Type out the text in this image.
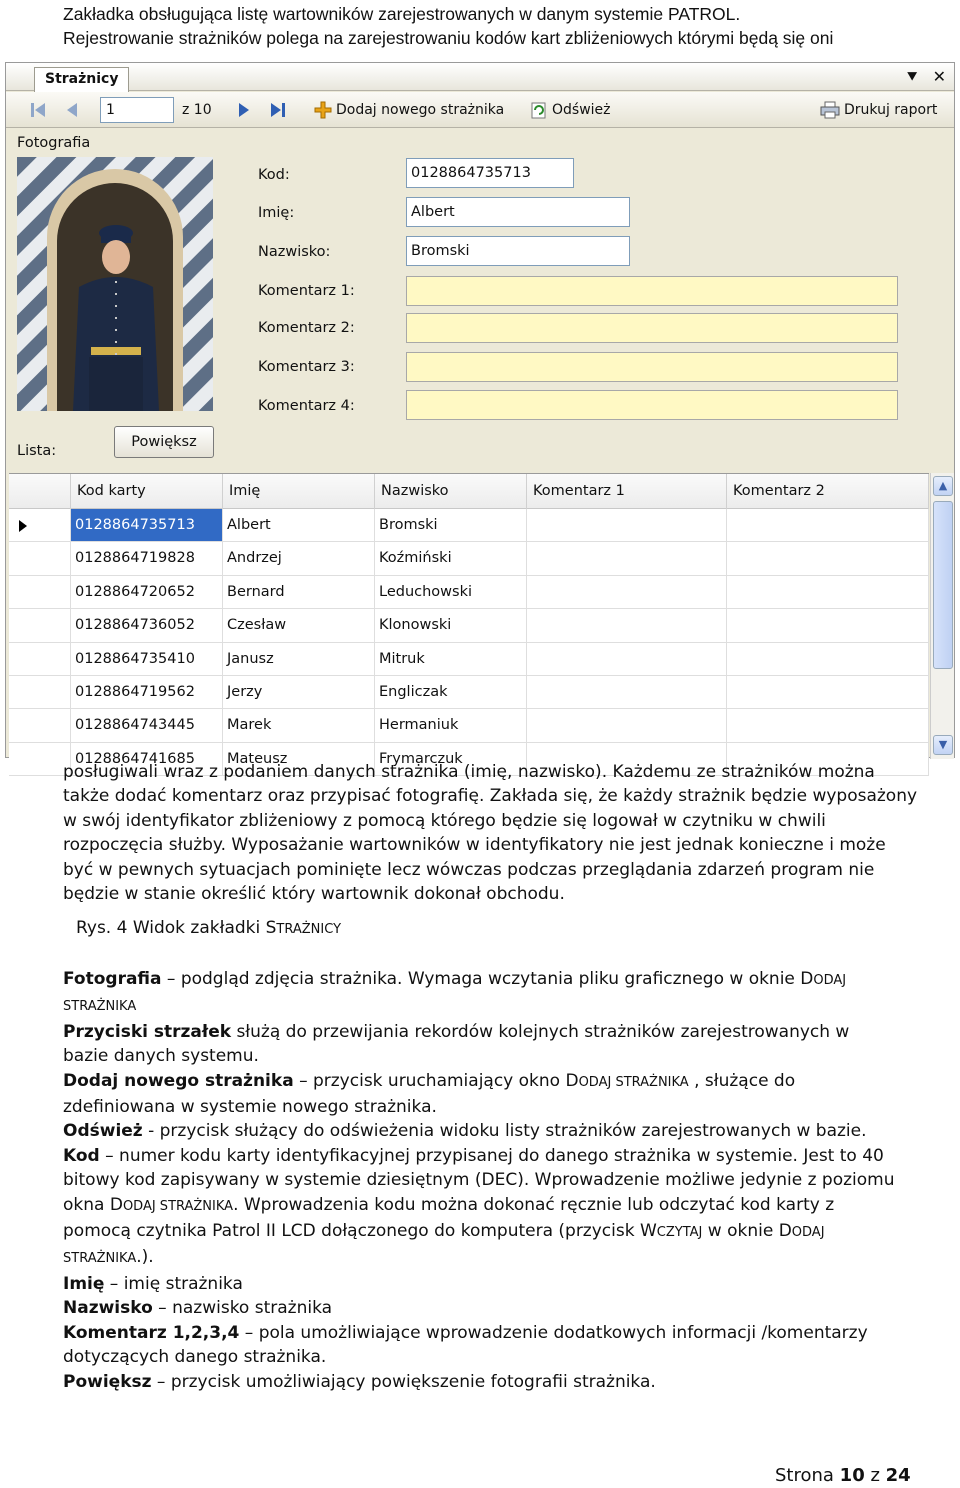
Zakładka obsługująca listę wartowników zarejestrowanych w danym systemie PATROL.
Rejestrowanie strażników polega na zarejestrowaniu kodów kart zbliżeniowych którymi będą się oni
Strażnicy	⯆ ✕
1	z 10	Dodaj nowego strażnika	Odśwież	Drukuj raport
Fotografia
Kod:	0128864735713
Imię:	Albert
Nazwisko:	Bromski
Komentarz 1:
Komentarz 2:
Komentarz 3:
Komentarz 4:
Lista:
Powiększ
Kod karty	Imię	Nazwisko	Komentarz 1	Komentarz 2
0128864735713	Albert	Bromski
0128864719828	Andrzej	Koźmiński
0128864720652	Bernard	Leduchowski
0128864736052	Czesław	Klonowski
0128864735410	Janusz	Mitruk
0128864719562	Jerzy	Engliczak
0128864743445	Marek	Hermaniuk
0128864741685	Mateusz	Frymarczuk
▲
▼
posługiwali wraz z podaniem danych strażnika (imię, nazwisko). Każdemu ze strażników można
także dodać komentarz oraz przypisać fotografię. Zakłada się, że każdy strażnik będzie wyposażony
w swój identyfikator zbliżeniowy z pomocą którego będzie się logował w czytniku w chwili
rozpoczęcia służby. Wyposażanie wartowników w identyfikatory nie jest jednak konieczne i może
być w pewnych sytuacjach pominięte lecz wówczas podczas przeglądania zdarzeń program nie
będzie w stanie określić który wartownik dokonał obchodu.
Rys. 4 Widok zakładki STRAŻNICY

Fotografia – podgląd zdjęcia strażnika. Wymaga wczytania pliku graficznego w oknie DODAJ

STRAŻNIKA

Przyciski strzałek służą do przewijania rekordów kolejnych strażników zarejestrowanych w

bazie danych systemu.

Dodaj nowego strażnika – przycisk uruchamiający okno DODAJ STRAŻNIKA , służące do

zdefiniowana w systemie nowego strażnika.

Odśwież - przycisk służący do odświeżenia widoku listy strażników zarejestrowanych w bazie.

Kod – numer kodu karty identyfikacyjnej przypisanej do danego strażnika w systemie. Jest to 40

bitowy kod zapisywany w systemie dziesiętnym (DEC). Wprowadzenie możliwe jedynie z poziomu

okna DODAJ STRAŻNIKA. Wprowadzenia kodu można dokonać ręcznie lub odczytać kod karty z

pomocą czytnika Patrol II LCD dołączonego do komputera (przycisk WCZYTAJ w oknie DODAJ

STRAŻNIKA.).

Imię – imię strażnika

Nazwisko – nazwisko strażnika

Komentarz 1,2,3,4 – pola umożliwiające wprowadzenie dodatkowych informacji /komentarzy

dotyczących danego strażnika.

Powiększ – przycisk umożliwiający powiększenie fotografii strażnika.

Strona 10 z 24
